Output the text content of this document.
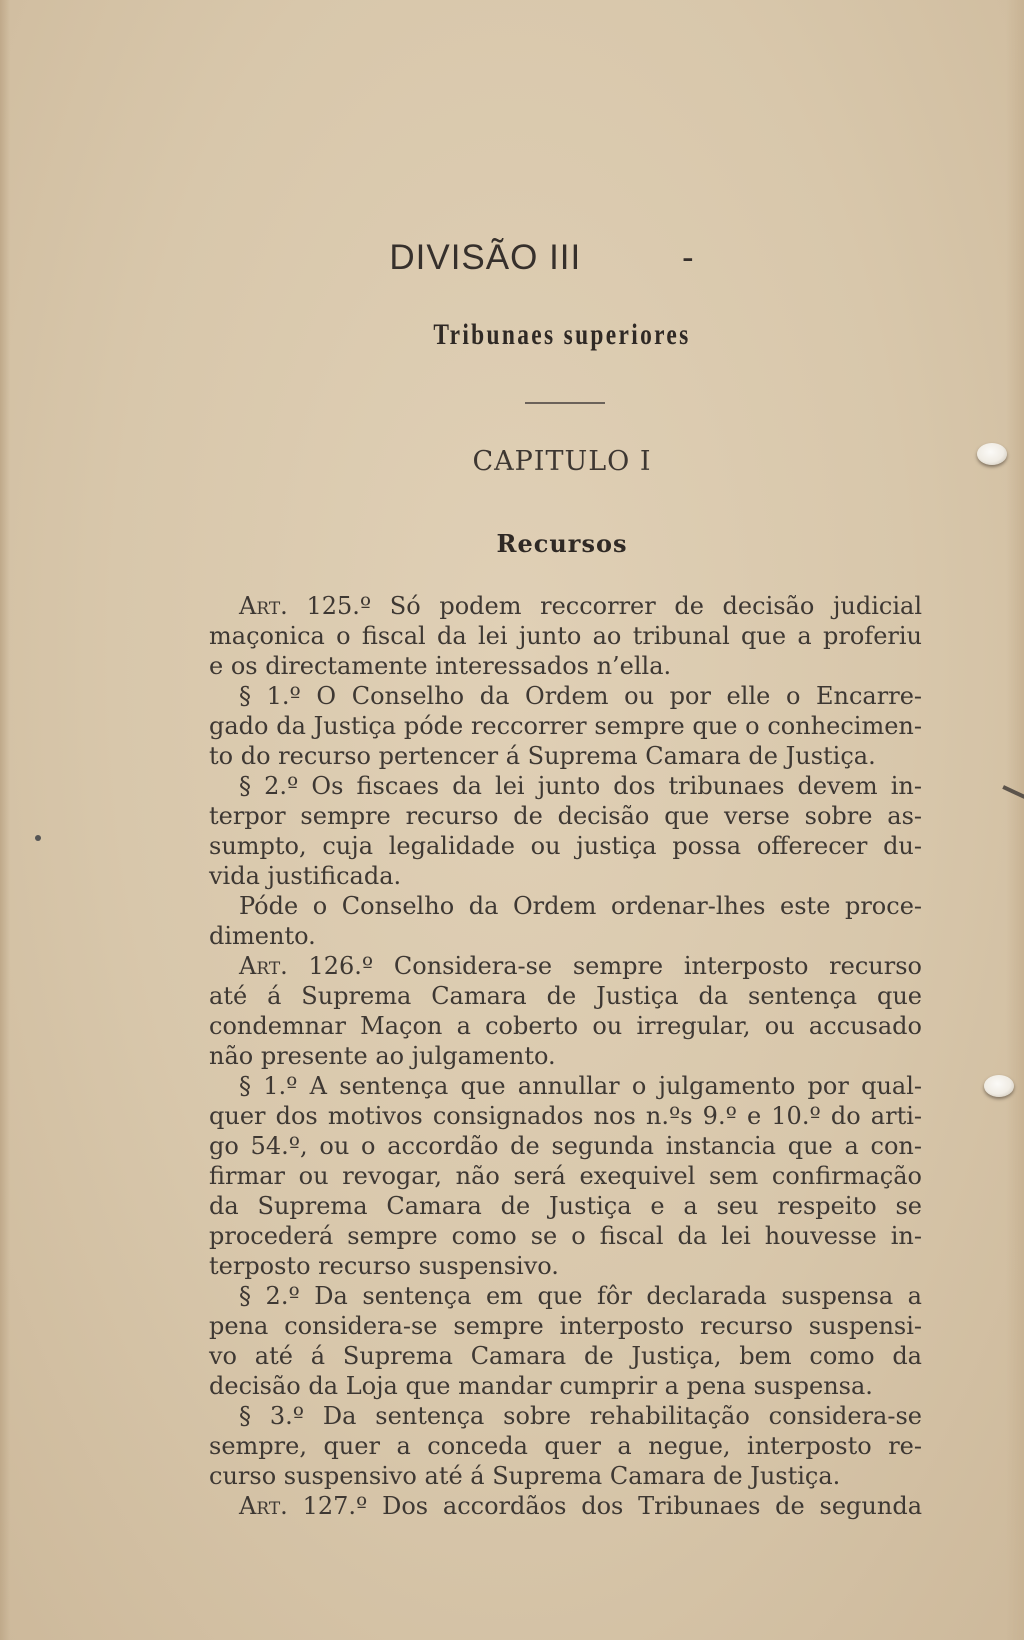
DIVISÃO III	-
Tribunaes superiores
CAPITULO I
Recursos
Art. 125.º Só podem reccorrer de decisão judicial
maçonica o fiscal da lei junto ao tribunal que a proferiu
e os directamente interessados n’ella.
§ 1.º O Conselho da Ordem ou por elle o Encarre-
gado da Justiça póde reccorrer sempre que o conhecimen-
to do recurso pertencer á Suprema Camara de Justiça.
§ 2.º Os fiscaes da lei junto dos tribunaes devem in-
terpor sempre recurso de decisão que verse sobre as-
sumpto, cuja legalidade ou justiça possa offerecer du-
vida justificada.
Póde o Conselho da Ordem ordenar-lhes este proce-
dimento.
Art. 126.º Considera-se sempre interposto recurso
até á Suprema Camara de Justiça da sentença que
condemnar Maçon a coberto ou irregular, ou accusado
não presente ao julgamento.
§ 1.º A sentença que annullar o julgamento por qual-
quer dos motivos consignados nos n.ºs 9.º e 10.º do arti-
go 54.º, ou o accordão de segunda instancia que a con-
firmar ou revogar, não será exequivel sem confirmação
da Suprema Camara de Justiça e a seu respeito se
procederá sempre como se o fiscal da lei houvesse in-
terposto recurso suspensivo.
§ 2.º Da sentença em que fôr declarada suspensa a
pena considera-se sempre interposto recurso suspensi-
vo até á Suprema Camara de Justiça, bem como da
decisão da Loja que mandar cumprir a pena suspensa.
§ 3.º Da sentença sobre rehabilitação considera-se
sempre, quer a conceda quer a negue, interposto re-
curso suspensivo até á Suprema Camara de Justiça.
Art. 127.º Dos accordãos dos Tribunaes de segunda
